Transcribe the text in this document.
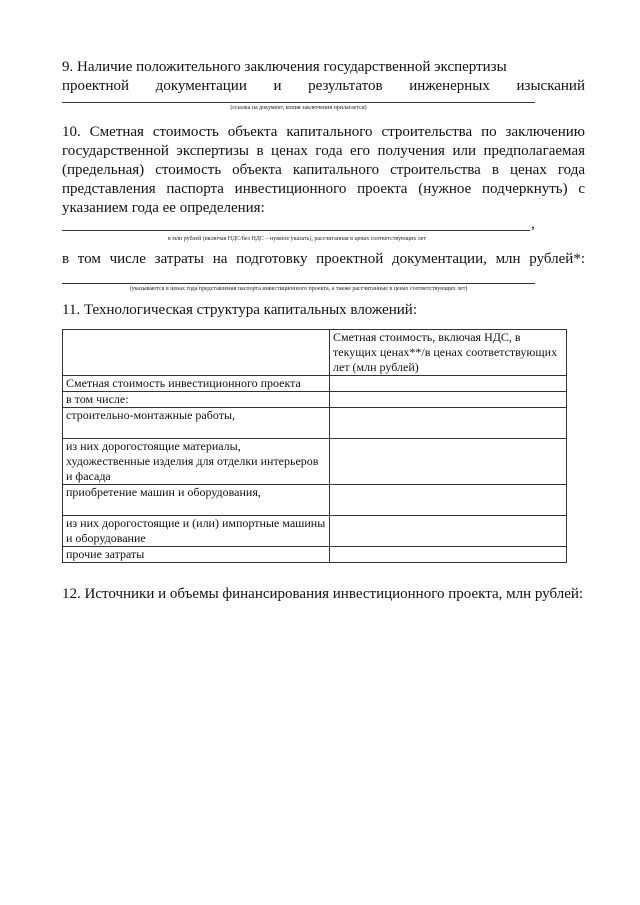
9. Наличие положительного заключения государственной экспертизы

проектной документации и результатов инженерных изысканий

(ссылка на документ, копия заключения прилагается)

10. Сметная стоимость объекта капитального строительства по заключению государственной экспертизы в ценах года его получения или предполагаемая (предельная) стоимость объекта капитального строительства в ценах года представления паспорта инвестиционного проекта (нужное подчеркнуть) с указанием года ее определения:

,

в млн рублей (включая НДС/без НДС – нужное указать), рассчитанная в ценах соответствующих лет

в том числе затраты на подготовку проектной документации, млн рублей*:

(указываются в ценах года представления паспорта инвестиционного проекта, а также рассчитанные в ценах соответствующих лет)

11. Технологическая структура капитальных вложений:

	Сметная стоимость, включая НДС, в текущих ценах**/в ценах соответствующих лет (млн рублей)
Сметная стоимость инвестиционного проекта	
в том числе:	
строительно-монтажные работы,	
из них дорогостоящие материалы, художественные изделия для отделки интерьеров и фасада	
приобретение машин и оборудования,	
из них дорогостоящие и (или) импортные машины и оборудование	
прочие затраты	

12. Источники и объемы финансирования инвестиционного проекта, млн рублей:
